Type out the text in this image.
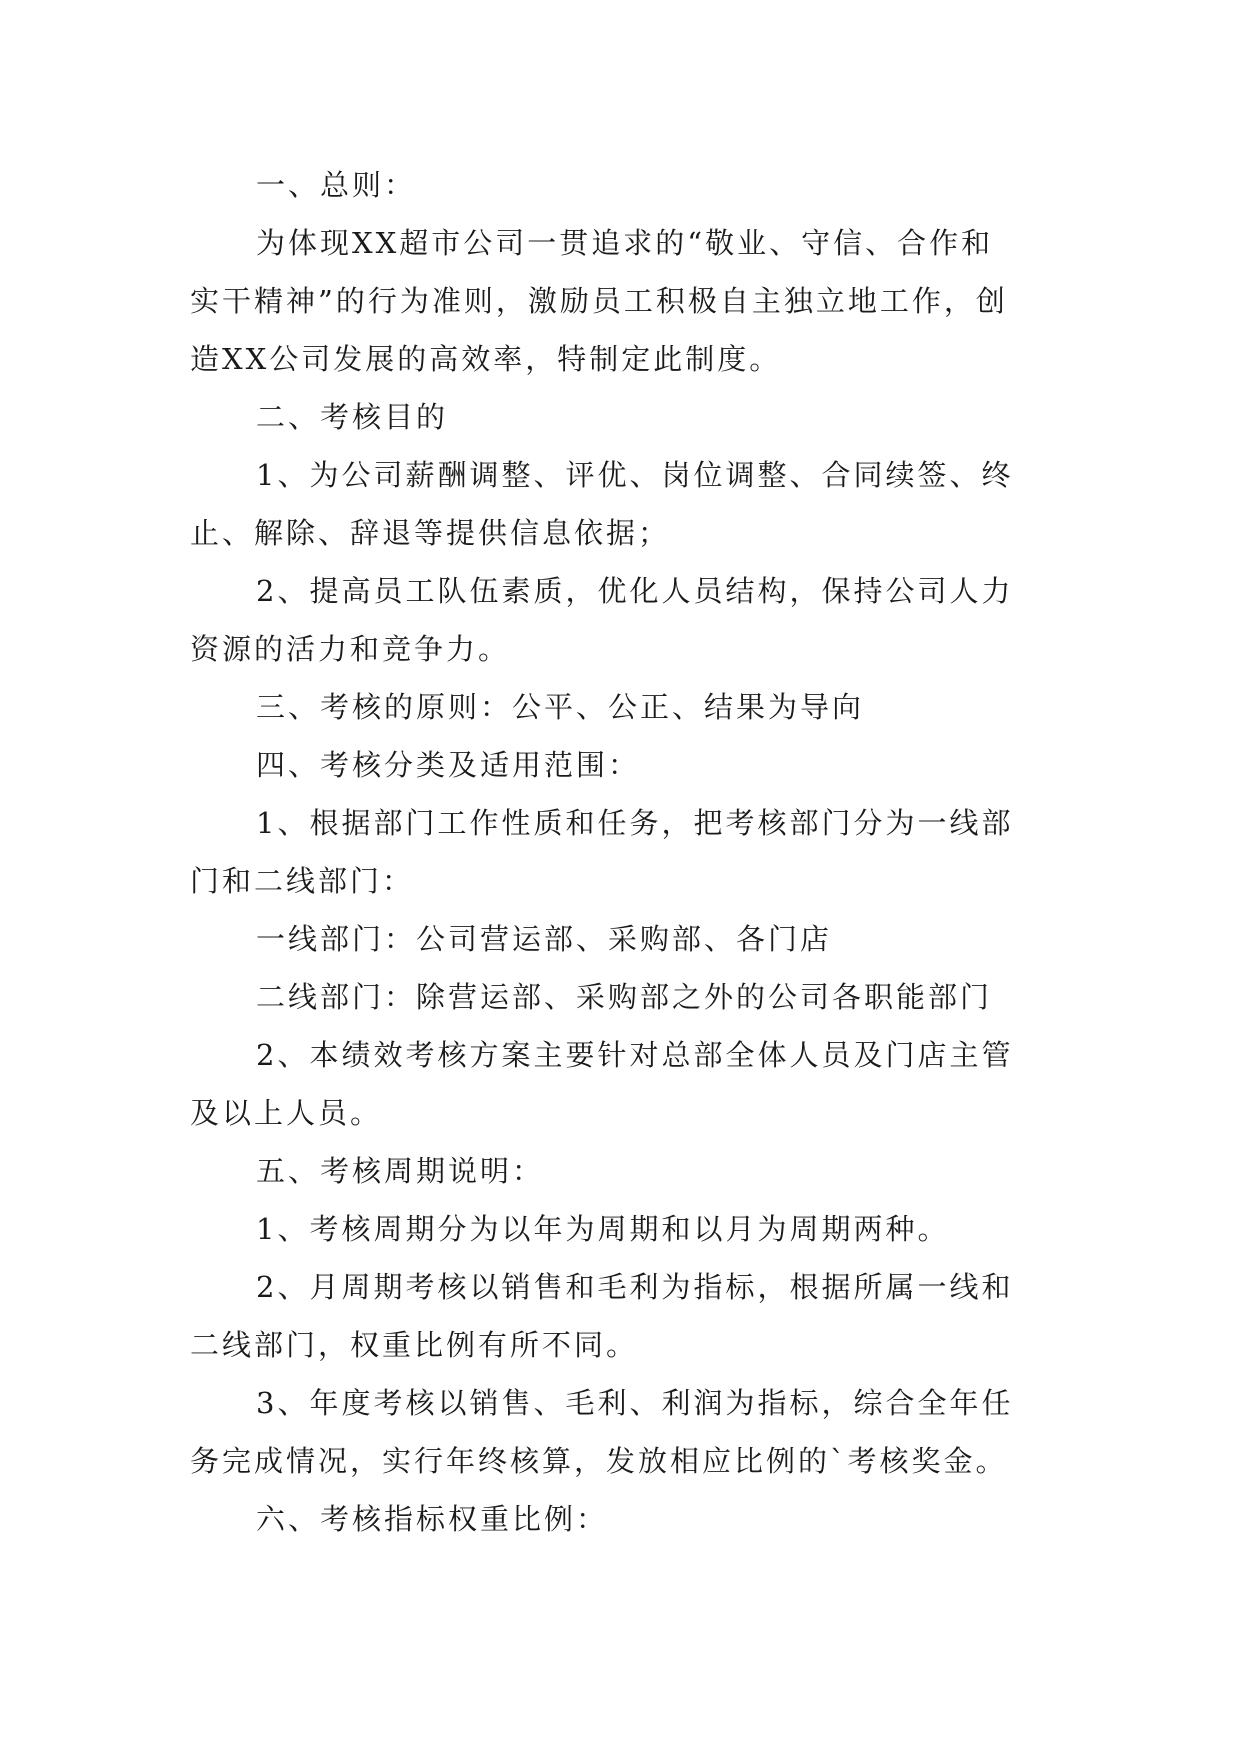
一、总则：
为体现XX超市公司一贯追求的“敬业、守信、合作和
实干精神”的行为准则，激励员工积极自主独立地工作，创
造XX公司发展的高效率，特制定此制度。
二、考核目的
1、为公司薪酬调整、评优、岗位调整、合同续签、终
止、解除、辞退等提供信息依据；
2、提高员工队伍素质，优化人员结构，保持公司人力
资源的活力和竞争力。
三、考核的原则：公平、公正、结果为导向
四、考核分类及适用范围：
1、根据部门工作性质和任务，把考核部门分为一线部
门和二线部门：
一线部门：公司营运部、采购部、各门店
二线部门：除营运部、采购部之外的公司各职能部门
2、本绩效考核方案主要针对总部全体人员及门店主管
及以上人员。
五、考核周期说明：
1、考核周期分为以年为周期和以月为周期两种。
2、月周期考核以销售和毛利为指标，根据所属一线和
二线部门，权重比例有所不同。
3、年度考核以销售、毛利、利润为指标，综合全年任
务完成情况，实行年终核算，发放相应比例的`考核奖金。
六、考核指标权重比例：
